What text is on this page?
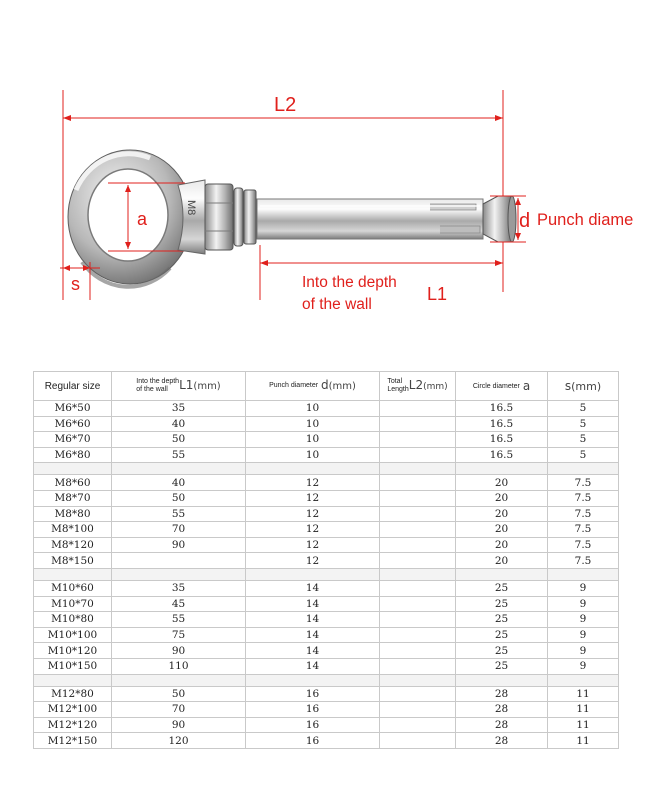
L2
a
M8
d Punch diame
Into the depth
of the wall
L1
s
Regular size	Into the depth
of the wall L1(mm)	Punch diameter d(mm)	Total
LengthL2(mm)	Circle diameter a	s(mm)
M6*50	35	10		16.5	5
M6*60	40	10		16.5	5
M6*70	50	10		16.5	5
M6*80	55	10		16.5	5

M8*60	40	12		20	7.5
M8*70	50	12		20	7.5
M8*80	55	12		20	7.5
M8*100	70	12		20	7.5
M8*120	90	12		20	7.5
M8*150		12		20	7.5

M10*60	35	14		25	9
M10*70	45	14		25	9
M10*80	55	14		25	9
M10*100	75	14		25	9
M10*120	90	14		25	9
M10*150	110	14		25	9

M12*80	50	16		28	11
M12*100	70	16		28	11
M12*120	90	16		28	11
M12*150	120	16		28	11
